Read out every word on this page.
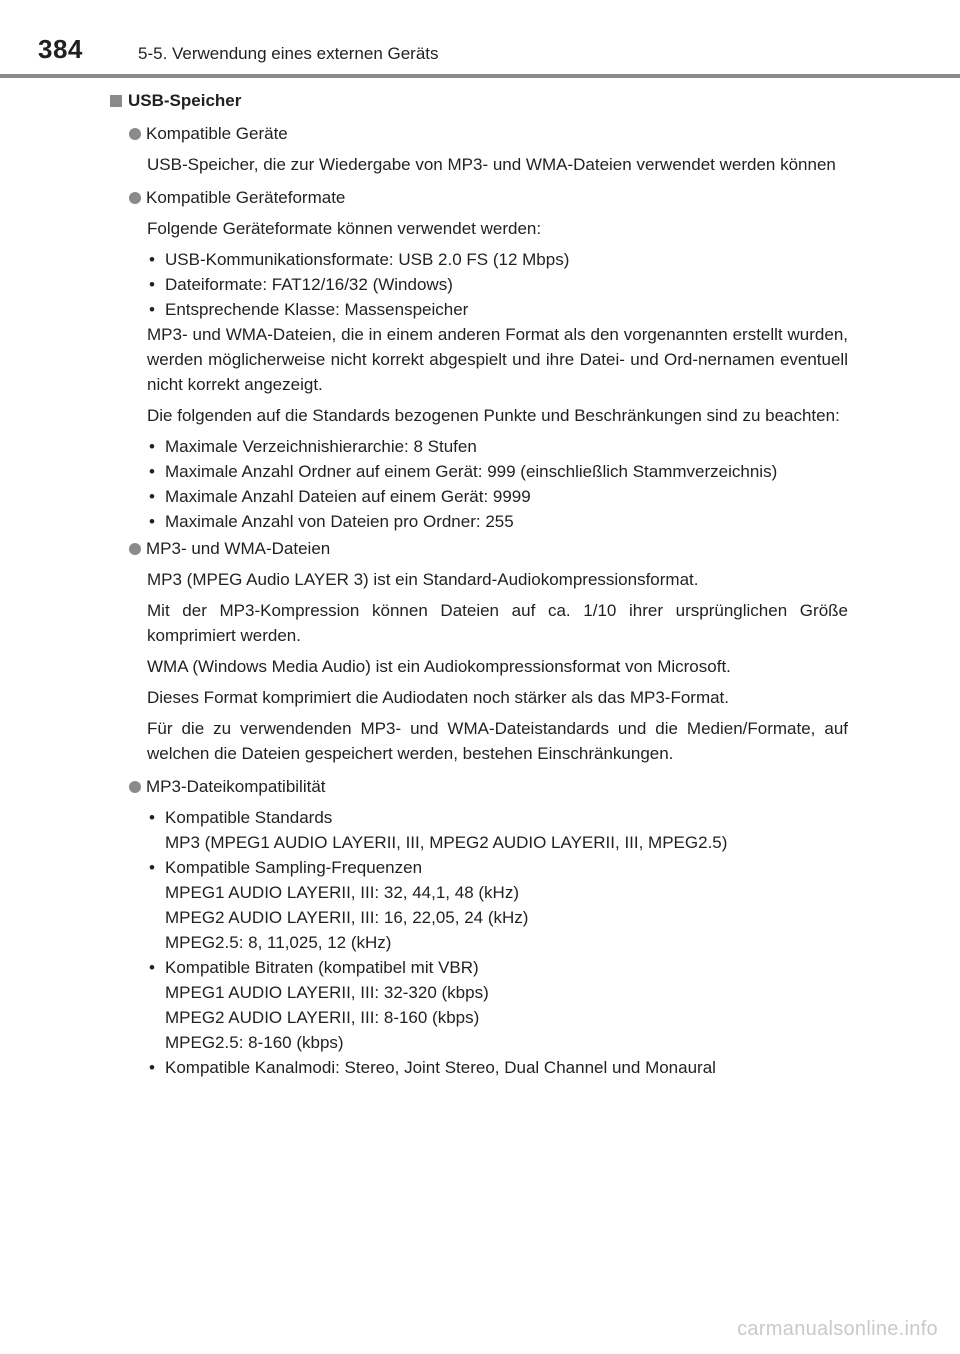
384	5-5. Verwendung eines externen Geräts
USB-Speicher
Kompatible Geräte

USB-Speicher, die zur Wiedergabe von MP3- und WMA-Dateien verwendet werden können

Kompatible Geräteformate

Folgende Geräteformate können verwendet werden:

• USB-Kommunikationsformate: USB 2.0 FS (12 Mbps)
• Dateiformate: FAT12/16/32 (Windows)
• Entsprechende Klasse: Massenspeicher

MP3- und WMA-Dateien, die in einem anderen Format als den vorgenannten erstellt wurden, werden möglicherweise nicht korrekt abgespielt und ihre Datei- und Ord-nernamen eventuell nicht korrekt angezeigt.

Die folgenden auf die Standards bezogenen Punkte und Beschränkungen sind zu beachten:

• Maximale Verzeichnishierarchie: 8 Stufen
• Maximale Anzahl Ordner auf einem Gerät: 999 (einschließlich Stammverzeichnis)
• Maximale Anzahl Dateien auf einem Gerät: 9999
• Maximale Anzahl von Dateien pro Ordner: 255
MP3- und WMA-Dateien

MP3 (MPEG Audio LAYER 3) ist ein Standard-Audiokompressionsformat.

Mit der MP3-Kompression können Dateien auf ca. 1/10 ihrer ursprünglichen Größe komprimiert werden.

WMA (Windows Media Audio) ist ein Audiokompressionsformat von Microsoft.

Dieses Format komprimiert die Audiodaten noch stärker als das MP3-Format.

Für die zu verwendenden MP3- und WMA-Dateistandards und die Medien/Formate, auf welchen die Dateien gespeichert werden, bestehen Einschränkungen.

MP3-Dateikompatibilität
• Kompatible Standards
MP3 (MPEG1 AUDIO LAYERII, III, MPEG2 AUDIO LAYERII, III, MPEG2.5)
• Kompatible Sampling-Frequenzen
MPEG1 AUDIO LAYERII, III: 32, 44,1, 48 (kHz)
MPEG2 AUDIO LAYERII, III: 16, 22,05, 24 (kHz)
MPEG2.5: 8, 11,025, 12 (kHz)
• Kompatible Bitraten (kompatibel mit VBR)
MPEG1 AUDIO LAYERII, III: 32-320 (kbps)
MPEG2 AUDIO LAYERII, III: 8-160 (kbps)
MPEG2.5: 8-160 (kbps)
• Kompatible Kanalmodi: Stereo, Joint Stereo, Dual Channel und Monaural
carmanualsonline.info
